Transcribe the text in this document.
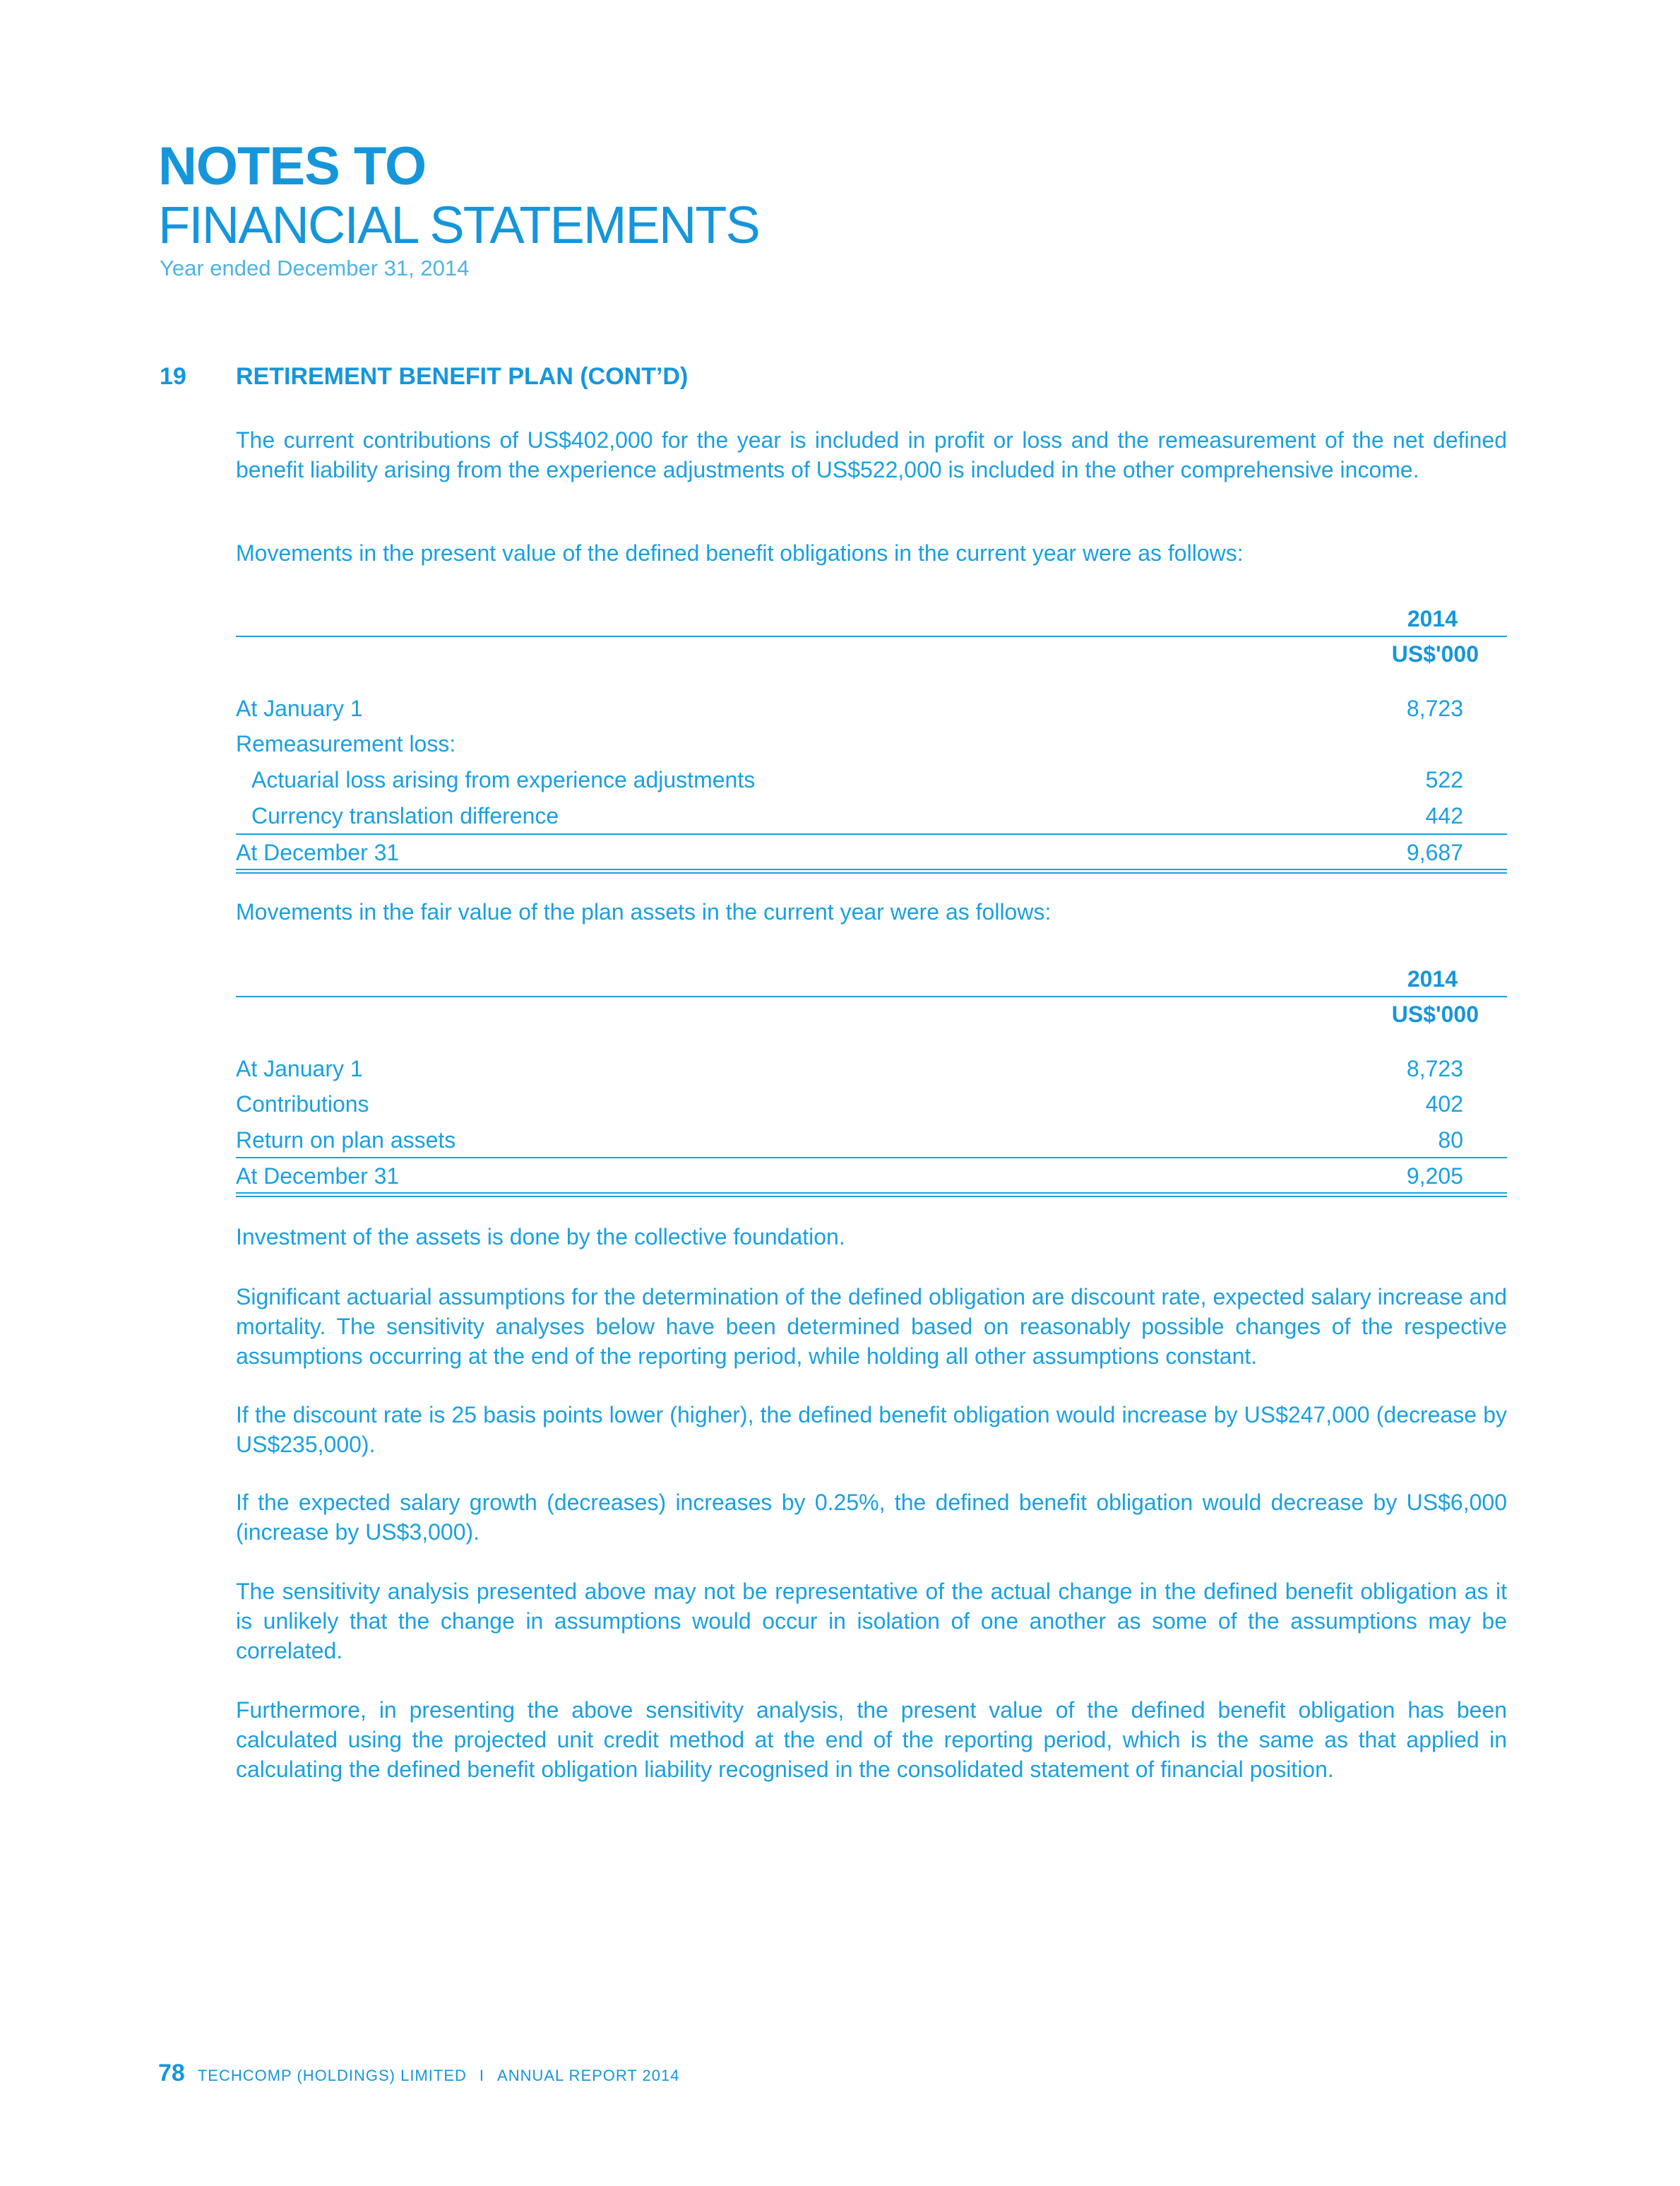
NOTES TO
FINANCIAL STATEMENTS
Year ended December 31, 2014
19 RETIREMENT BENEFIT PLAN (CONT’D)
The current contributions of US$402,000 for the year is included in profit or loss and the remeasurement of the net defined benefit liability arising from the experience adjustments of US$522,000 is included in the other comprehensive income.
Movements in the present value of the defined benefit obligations in the current year were as follows:
2014
US$'000
At January 1	8,723
Remeasurement loss:
Actuarial loss arising from experience adjustments	522
Currency translation difference	442
At December 31	9,687
Movements in the fair value of the plan assets in the current year were as follows:
2014
US$'000
At January 1	8,723
Contributions	402
Return on plan assets	80
At December 31	9,205
Investment of the assets is done by the collective foundation.
Significant actuarial assumptions for the determination of the defined obligation are discount rate, expected salary increase and mortality. The sensitivity analyses below have been determined based on reasonably possible changes of the respective assumptions occurring at the end of the reporting period, while holding all other assumptions constant.
If the discount rate is 25 basis points lower (higher), the defined benefit obligation would increase by US$247,000 (decrease by US$235,000).
If the expected salary growth (decreases) increases by 0.25%, the defined benefit obligation would decrease by US$6,000 (increase by US$3,000).
The sensitivity analysis presented above may not be representative of the actual change in the defined benefit obligation as it is unlikely that the change in assumptions would occur in isolation of one another as some of the assumptions may be correlated.
Furthermore, in presenting the above sensitivity analysis, the present value of the defined benefit obligation has been calculated using the projected unit credit method at the end of the reporting period, which is the same as that applied in calculating the defined benefit obligation liability recognised in the consolidated statement of financial position.
78 TECHCOMP (HOLDINGS) LIMITED I ANNUAL REPORT 2014
